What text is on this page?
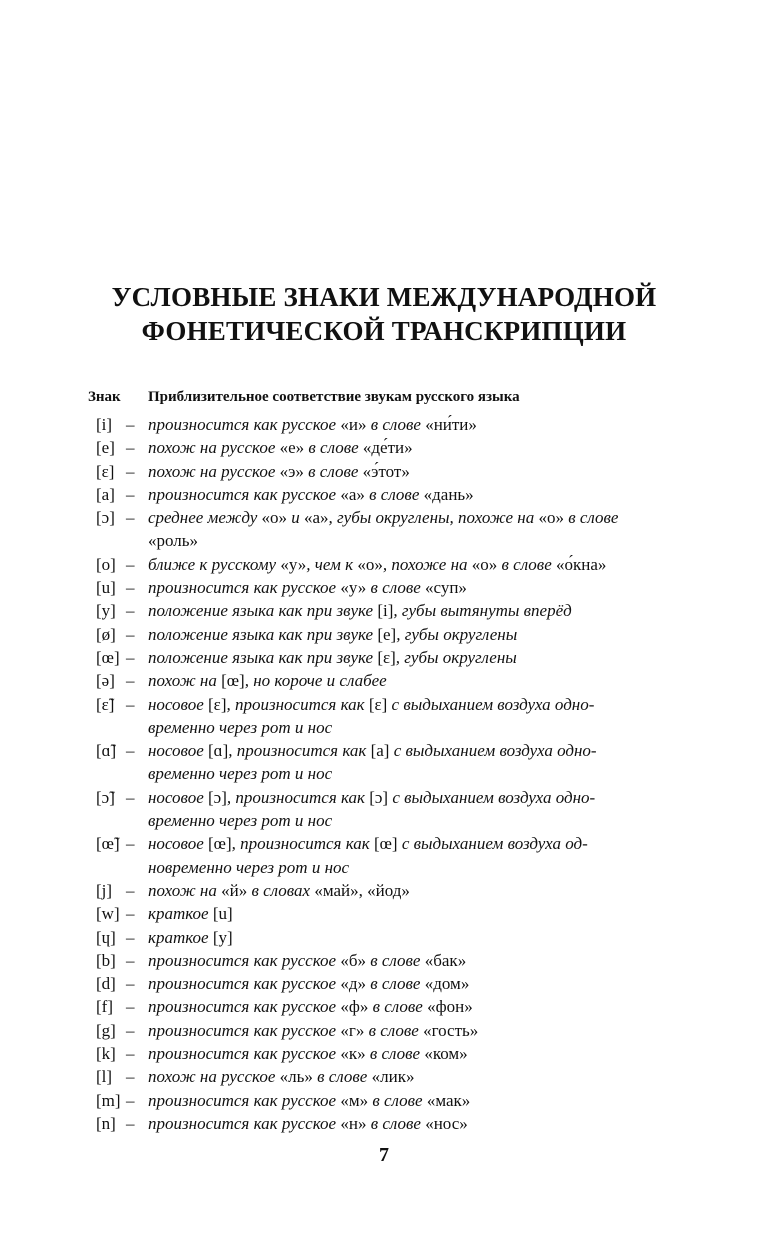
УСЛОВНЫЕ ЗНАКИ МЕЖДУНАРОДНОЙ
ФОНЕТИЧЕСКОЙ ТРАНСКРИПЦИИ
Знак Приблизительное соответствие звукам русского языка
[i] – произносится как русское «и» в слове «ни́ти»
[e] – похож на русское «е» в слове «де́ти»
[ɛ] – похож на русское «э» в слове «э́тот»
[a] – произносится как русское «а» в слове «дань»
[ɔ] – среднее между «о» и «а», губы округлены, похоже на «о» в слове
«роль»
[o] – ближе к русскому «у», чем к «о», похоже на «о» в слове «о́кна»
[u] – произносится как русское «у» в слове «суп»
[y] – положение языка как при звуке [i], губы вытянуты вперёд
[ø] – положение языка как при звуке [e], губы округлены
[œ] – положение языка как при звуке [ɛ], губы округлены
[ə] – похож на [œ], но короче и слабее
[ɛ̃] – носовое [ɛ], произносится как [ɛ] с выдыханием воздуха одно-
временно через рот и нос
[ɑ̃] – носовое [ɑ], произносится как [a] с выдыханием воздуха одно-
временно через рот и нос
[ɔ̃] – носовое [ɔ], произносится как [ɔ] с выдыханием воздуха одно-
временно через рот и нос
[œ̃] – носовое [œ], произносится как [œ] с выдыханием воздуха од-
новременно через рот и нос
[j] – похож на «й» в словах «май», «йод»
[w] – краткое [u]
[ɥ] – краткое [y]
[b] – произносится как русское «б» в слове «бак»
[d] – произносится как русское «д» в слове «дом»
[f] – произносится как русское «ф» в слове «фон»
[g] – произносится как русское «г» в слове «гость»
[k] – произносится как русское «к» в слове «ком»
[l] – похож на русское «ль» в слове «лик»
[m] – произносится как русское «м» в слове «мак»
[n] – произносится как русское «н» в слове «нос»
7
